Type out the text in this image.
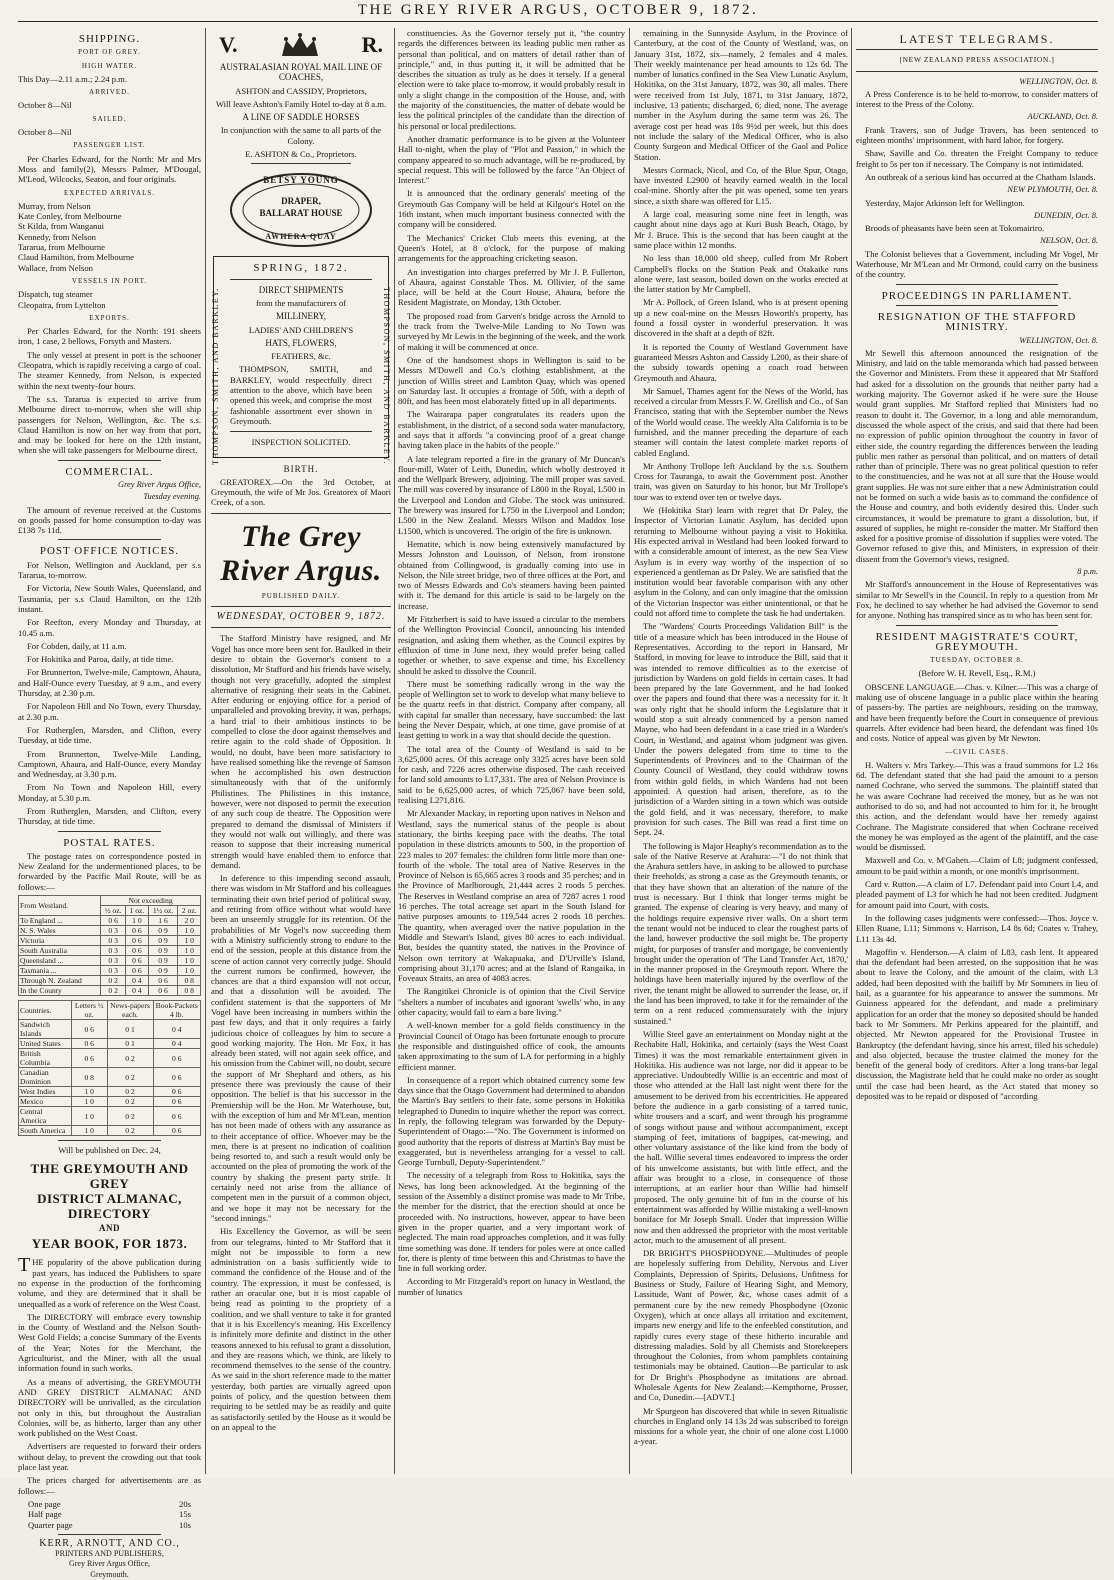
THE GREY RIVER ARGUS, OCTOBER 9, 1872.
SHIPPING.
PORT OF GREY.
HIGH WATER.

This Day—2.11 a.m.; 2.24 p.m.

ARRIVED.

October 8—Nil

SAILED.

October 8—Nil

PASSENGER LIST.

Per Charles Edward, for the North: Mr and Mrs Moss and family(2), Messrs Palmer, M'Dougal, M'Leod, Wilcocks, Seaton, and four originals.

EXPECTED ARRIVALS.
Murray, from Nelson
Kate Conley, from Melbourne
St Kilda, from Wanganui
Kennedy, from Nelson
Tararua, from Melbourne
Claud Hamilton, from Melbourne
Wallace, from Nelson
VESSELS IN PORT.
Dispatch, tug steamer
Cleopatra, from Lyttelton
EXPORTS.

Per Charles Edward, for the North: 191 sheets iron, 1 case, 2 bellows, Forsyth and Masters.

The only vessel at present in port is the schooner Cleopatra, which is rapidly receiving a cargo of coal. The steamer Kennedy, from Nelson, is expected within the next twenty-four hours.

The s.s. Tararua is expected to arrive from Melbourne direct to-morrow, when she will ship passengers for Nelson, Wellington, &c. The s.s. Claud Hamilton is now on her way from that port, and may be looked for here on the 12th instant, when she will take passengers for Melbourne direct.

COMMERCIAL.
Grey River Argus Office,
Tuesday evening.

The amount of revenue received at the Customs on goods passed for home consumption to-day was £138 7s 11d.

POST OFFICE NOTICES.

For Nelson, Wellington and Auckland, per s.s Tararua, to-morrow.

For Victoria, New South Wales, Queensland, and Tasmania, per s.s Claud Hamilton, on the 12th instant.

For Reefton, every Monday and Thursday, at 10.45 a.m.

For Cobden, daily, at 11 a.m.

For Hokitika and Paroa, daily, at tide time.

For Brunnerton, Twelve-mile, Camptown, Ahaura, and Half-Ounce every Tuesday, at 9 a.m., and every Thursday, at 2.30 p.m.

For Napoleon Hill and No Town, every Thursday, at 2.30 p.m.

For Rutherglen, Marsden, and Clifton, every Tuesday, at tide time.

From Brunnerton, Twelve-Mile Landing, Camptown, Ahaura, and Half-Ounce, every Monday and Wednesday, at 3.30 p.m.

From No Town and Napoleon Hill, every Monday, at 5.30 p.m.

From Rutherglen, Marsden, and Clifton, every Thursday, at tide time.

POSTAL RATES.

The postage rates on correspondence posted in New Zealand for the undermentioned places, to be forwarded by the Pacific Mail Route, will be as follows:—

From Westland.	Not exceeding			
	½ oz.	1 oz.	1½ oz.	2 oz.
To England ...	0 6	1 0	1 6	2 0
N. S. Wales	0 3	0 6	0 9	1 0
Victoria	0 3	0 6	0 9	1 0
South Australia	0 3	0 6	0 9	1 0
Queensland ...	0 3	0 6	0 9	1 0
Tasmania ...	0 3	0 6	0 9	1 0
Through N. Zealand	0 2	0 4	0 6	0 8
In the County	0 2	0 4	0 6	0 8
Countries.	Letters ½ oz.	News-papers each.	Book-Packets 4 lb.
Sandwich Islands	0 6	0 1	0 4
United States	0 6	0 1	0 4
British Columbia	0 6	0 2	0 6
Canadian Dominion	0 8	0 2	0 6
West Indies	1 0	0 2	0 6
Mexico	1 0	0 2	0 6
Central America	1 0	0 2	0 6
South America	1 0	0 2	0 6

Will be published on Dec. 24,

THE GREYMOUTH AND GREY
DISTRICT ALMANAC, DIRECTORY
AND
YEAR BOOK, FOR 1873.

THE popularity of the above publication during past years, has induced the Publishers to spare no expense in the production of the forthcoming volume, and they are determined that it shall be unequalled as a work of reference on the West Coast.

The DIRECTORY will embrace every township in the County of Westland and the Nelson South-West Gold Fields; a concise Summary of the Events of the Year; Notes for the Merchant, the Agriculturist, and the Miner, with all the usual information found in such works.

As a means of advertising, the GREYMOUTH AND GREY DISTRICT ALMANAC AND DIRECTORY will be unrivalled, as the circulation not only in this, but throughout the Australian Colonies, will be, as hitherto, larger than any other work published on the West Coast.

Advertisers are requested to forward their orders without delay, to prevent the crowding out that took place last year.

The prices charged for advertisements are as follows:—

One page	20s
Half page	15s
Quarter page	10s
KERR, ARNOTT, AND CO.,
PRINTERS AND PUBLISHERS,
Grey River Argus Office,
Greymouth.
V.	R.

AUSTRALASIAN ROYAL MAIL LINE OF COACHES,

ASHTON and CASSIDY, Proprietors,

Will leave Ashton's Family Hotel to-day at 8 a.m.

A LINE OF SADDLE HORSES

In conjunction with the same to all parts of the Colony.

E. ASHTON & Co., Proprietors.

BETSY YOUNG
DRAPER,
BALLARAT HOUSE
AWHERA QUAY
THOMPSON, SMITH, AND BARKLEY.	THOMPSON, SMITH, AND BARKLEY.
SPRING, 1872.

DIRECT SHIPMENTS

from the manufacturers of

MILLINERY,

LADIES' AND CHILDREN'S

HATS, FLOWERS,

FEATHERS, &c.

THOMPSON, SMITH, and BARKLEY, would respectfully direct attention to the above, which have been opened this week, and comprise the most fashionable assortment ever shown in Greymouth.

INSPECTION SOLICITED.

BIRTH.

GREATOREX.—On the 3rd October, at Greymouth, the wife of Mr Jos. Greatorex of Maori Creek, of a son.

The Grey River Argus.
PUBLISHED DAILY.
WEDNESDAY, OCTOBER 9, 1872.

The Stafford Ministry have resigned, and Mr Vogel has once more been sent for. Baulked in their desire to obtain the Governor's consent to a dissolution, Mr Stafford and his friends have wisely, though not very gracefully, adopted the simplest alternative of resigning their seats in the Cabinet. After enduring or enjoying office for a period of unparalleled and provoking brevity, it was, perhaps, a hard trial to their ambitious instincts to be compelled to close the door against themselves and retire again to the cold shade of Opposition. It would, no doubt, have been more satisfactory to have realised something like the revenge of Samson when he accomplished his own destruction simultaneously with that of the uniformly Philistines. The Philistines in this instance, however, were not disposed to permit the execution of any such coup de theatre. The Opposition were prepared to demand the dismissal of Ministers if they would not walk out willingly, and there was reason to suppose that their increasing numerical strength would have enabled them to enforce that demand.

In deference to this impending second assault, there was wisdom in Mr Stafford and his colleagues terminating their own brief period of political sway, and retiring from office without what would have been an unseemly struggle for its retention. Of the probabilities of Mr Vogel's now succeeding them with a Ministry sufficiently strong to endure to the end of the session, people at this distance from the scene of action cannot very correctly judge. Should the current rumors be confirmed, however, the chances are that a third expansion will not occur, and that a dissolution will be avoided. The confident statement is that the supporters of Mr Vogel have been increasing in numbers within the past few days, and that it only requires a fairly judicious choice of colleagues by him to secure a good working majority. The Hon. Mr Fox, it has already been stated, will not again seek office, and his omission from the Cabinet will, no doubt, secure the support of Mr Shephard and others, as his presence there was previously the cause of their opposition. The belief is that his successor in the Premiership will be the Hon. Mr Waterhouse, but, with the exception of him and Mr M'Lean, mention has not been made of others with any assurance as to their acceptance of office. Whoever may be the men, there is at present no indication of coalition being resorted to, and such a result would only be accounted on the plea of promoting the work of the country by shaking the present party strife. It certainly need not arise from the alliance of competent men in the pursuit of a common object, and we hope it may not be necessary for the "second innings."

His Excellency the Governor, as will be seen from our telegrams, hinted to Mr Stafford that it might not be impossible to form a new administration on a basis sufficiently wide to command the confidence of the House and of the country. The expression, it must be confessed, is rather an oracular one, but it is most capable of being read as pointing to the propriety of a coalition, and we shall venture to take it for granted that it is his Excellency's meaning. His Excellency is infinitely more definite and distinct in the other reasons annexed to his refusal to grant a dissolution, and they are reasons which, we think, are likely to recommend themselves to the sense of the country. As we said in the short reference made to the matter yesterday, both parties are virtually agreed upon points of policy, and the question between them requiring to be settled may be as readily and quite as satisfactorily settled by the House as it would be on an appeal to the

constituencies. As the Governor tersely put it, "the country regards the differences between its leading public men rather as personal than political, and on matters of detail rather than of principle," and, in thus putting it, it will be admitted that he describes the situation as truly as he does it tersely. If a general election were to take place to-morrow, it would probably result in only a slight change in the composition of the House, and, with the majority of the constituencies, the matter of debate would be less the political principles of the candidate than the direction of his personal or local predilections.

Another dramatic performance is to be given at the Volunteer Hall to-night, when the play of "Plot and Passion," in which the company appeared to so much advantage, will be re-produced, by special request. This will be followed by the farce "An Object of Interest."

It is announced that the ordinary generals' meeting of the Greymouth Gas Company will be held at Kilgour's Hotel on the 16th instant, when much important business connected with the company will be considered.

The Mechanics' Cricket Club meets this evening, at the Queen's Hotel, at 8 o'clock, for the purpose of making arrangements for the approaching cricketing season.

An investigation into charges preferred by Mr J. P. Fullerton, of Ahaura, against Constable Thos. M. Ollivier, of the same place, will be held at the Court House, Ahaura, before the Resident Magistrate, on Monday, 13th October.

The proposed road from Garven's bridge across the Arnold to the track from the Twelve-Mile Landing to No Town was surveyed by Mr Lewis in the beginning of the week, and the work of making it will be commenced at once.

One of the handsomest shops in Wellington is said to be Messrs M'Dowell and Co.'s clothing establishment, at the junction of Willis street and Lambton Quay, which was opened on Saturday last. It occupies a frontage of 50ft, with a depth of 80ft, and has been most elaborately fitted up in all departments.

The Wairarapa paper congratulates its readers upon the establishment, in the district, of a second soda water manufactory, and says that it affords "a convincing proof of a great change having taken place in the habits of the people."

A late telegram reported a fire in the granary of Mr Duncan's flour-mill, Water of Leith, Dunedin, which wholly destroyed it and the Wellpark Brewery, adjoining. The mill proper was saved. The mill was covered by insurance of L800 in the Royal, L500 in the Liverpool and London and Globe. The stock was uninsured. The brewery was insured for L750 in the Liverpool and London; L500 in the New Zealand. Messrs Wilson and Maddox lose L1500, which is uncovered. The origin of the fire is unknown.

Hematite, which is now being extensively manufactured by Messrs Johnston and Louisson, of Nelson, from ironstone obtained from Collingwood, is gradually coming into use in Nelson, the Nile street bridge, two of three offices at the Port, and two of Messrs Edwards and Co's steamers having been painted with it. The demand for this article is said to be largely on the increase.

Mr Fitzherbert is said to have issued a circular to the members of the Wellington Provincial Council, announcing his intended resignation, and asking them whether, as the Council expires by effluxion of time in June next, they would prefer being called together or whether, to save expense and time, his Excellency should be asked to dissolve the Council.

There must be something radically wrong in the way the people of Wellington set to work to develop what many believe to be the quartz reefs in that district. Company after company, all with capital far smaller than necessary, have succumbed: the last being the Never Despair, which, at one time, gave promise of at least getting to work in a way that should decide the question.

The total area of the County of Westland is said to be 3,625,000 acres. Of this acreage only 3325 acres have been sold for cash, and 7226 acres otherwise disposed. The cash received for land sold amounts to L17,331. The area of Nelson Province is said to be 6,625,000 acres, of which 725,067 have been sold, realising L271,816.

Mr Alexander Mackay, in reporting upon natives in Nelson and Westland, says the numerical status of the people is about stationary, the births keeping pace with the deaths. The total population in these districts amounts to 500, in the proportion of 223 males to 207 females: the children form little more than one-fourth of the whole. The total area of Native Reserves in the Province of Nelson is 65,665 acres 3 roods and 35 perches; and in the Province of Marlborough, 21,444 acres 2 roods 5 perches. The Reserves in Westland comprise an area of 7287 acres 1 rood 16 perches. The total acreage set apart in the South Island for native purposes amounts to 119,544 acres 2 roods 18 perches. The quantity, when averaged over the native population in the Middle and Stewart's Island, gives 80 acres to each individual. But, besides the quantity stated, the natives in the Province of Nelson own territory at Wakapuaka, and D'Urville's Island, comprising about 31,170 acres; and at the Island of Rangaika, in Foveaux Straits, an area of 4083 acres.

The Rangitikei Chronicle is of opinion that the Civil Service "shelters a number of incubates and ignorant 'swells' who, in any other capacity, would fail to earn a bare living."

A well-known member for a gold fields constituency in the Provincial Council of Otago has been fortunate enough to procure the responsible and distinguished office of cook, the amounts taken approximating to the sum of LA for performing in a highly efficient manner.

In consequence of a report which obtained currency some few days since that the Otago Government had determined to abandon the Martin's Bay settlers to their fate, some persons in Hokitika telegraphed to Dunedin to inquire whether the report was correct. In reply, the following telegram was forwarded by the Deputy-Superintendent of Otago:—"No. The Government is informed on good authority that the reports of distress at Martin's Bay must be exaggerated, but is nevertheless arranging for a vessel to call. George Turnbull, Deputy-Superintendent."

The necessity of a telegraph from Ross to Hokitika, says the News, has long been acknowledged. At the beginning of the session of the Assembly a distinct promise was made to Mr Tribe, the member for the district, that the erection should at once be proceeded with. No instructions, however, appear to have been given in the proper quarter, and a very important work of neglected. The main road approaches completion, and it was fully time something was done. If tenders for poles were at once called for, there is plenty of time between this and Christmas to have the line in full working order.

According to Mr Fitzgerald's report on lunacy in Westland, the number of lunatics

remaining in the Sunnyside Asylum, in the Province of Canterbury, at the cost of the County of Westland, was, on January 31st, 1872, six—namely, 2 females and 4 males. Their weekly maintenance per head amounts to 12s 6d. The number of lunatics confined in the Sea View Lunatic Asylum, Hokitika, on the 31st January, 1872, was 30, all males. There were received from 1st July, 1871, to 31st January, 1872, inclusive, 13 patients; discharged, 6; died, none. The average number in the Asylum during the same term was 26. The average cost per head was 18s 9½d per week, but this does not include the salary of the Medical Officer, who is also County Surgeon and Medical Officer of the Gaol and Police Station.

Messrs Cormack, Nicol, and Co, of the Blue Spur, Otago, have invested L2900 of heavily earned wealth in the local coal-mine. Shortly after the pit was opened, some ten years since, a sixth share was offered for L15.

A large coal, measuring some nine feet in length, was caught about nine days ago at Kuri Bush Beach, Otago, by Mr J. Bruce. This is the second that has been caught at the same place within 12 months.

No less than 18,000 old sheep, culled from Mr Robert Campbell's flocks on the Station Peak and Otakaike runs alone were, last season, boiled down on the works erected at the latter station by Mr Campbell.

Mr A. Pollock, of Green Island, who is at present opening up a new coal-mine on the Messrs Howorth's property, has found a fossil oyster in wonderful preservation. It was discovered in the shaft at a depth of 82ft.

It is reported the County of Westland Government have guaranteed Messrs Ashton and Cassidy L200, as their share of the subsidy towards opening a coach road between Greymouth and Ahaura.

Mr Samuel, Thames agent for the News of the World, has received a circular from Messrs F. W. Grellish and Co., of San Francisco, stating that with the September number the News of the World would cease. The weekly Alta California is to be furnished, and the manner preceding the departure of each steamer will contain the latest complete market reports of cabled England.

Mr Anthony Trollope left Auckland by the s.s. Southern Cross for Tauranga, to await the Government post. Another train, was given on Saturday to his honor, but Mr Trollope's tour was to extend over ten or twelve days.

We (Hokitika Star) learn with regret that Dr Paley, the Inspector of Victorian Lunatic Asylum, has decided upon returning to Melbourne without paying a visit to Hokitika. His expected arrival in Westland had been looked forward to with a considerable amount of interest, as the new Sea View Asylum is in every way worthy of the inspection of so experienced a gentleman as Dr Paley. We are satisfied that the institution would bear favorable comparison with any other asylum in the Colony, and can only imagine that the omission of the Victorian Inspector was either unintentional, or that he could not afford time to complete the task he had undertaken.

The "Wardens' Courts Proceedings Validation Bill" is the title of a measure which has been introduced in the House of Representatives. According to the report in Hansard, Mr Stafford, in moving for leave to introduce the Bill, said that it was intended to remove difficulties as to the exercise of jurisdiction by Wardens on gold fields in certain cases. It had been prepared by the late Government, and he had looked over the papers and found that there was a necessity for it. It was only right that he should inform the Legislature that it would stop a suit already commenced by a person named Mayne, who had been defendant in a case tried in a Warden's Court, in Westland, and against whom judgment was given. Under the powers delegated from time to time to the Superintendents of Provinces and to the Chairman of the County Council of Westland, they could withdraw towns from within gold fields, in which Wardens had not been appointed. A question had arisen, therefore, as to the jurisdiction of a Warden sitting in a town which was outside the gold field, and it was necessary, therefore, to make provision for such cases. The Bill was read a first time on Sept. 24.

The following is Major Heaphy's recommendation as to the sale of the Native Reserve at Arahura:—"I do not think that the Arahura settlers have, in asking to be allowed to purchase their freeholds, as strong a case as the Greymouth tenants, or that they have shown that an alteration of the nature of the trust is necessary. But I think that longer terms might be granted. The expense of clearing is very heavy, and many of the holdings require expensive river walls. On a short term the tenant would not be induced to clear the roughest parts of the land, however productive the soil might be. The property might, for purposes of transfer and mortgage, be conveniently brought under the operation of 'The Land Transfer Act, 1870,' in the manner proposed in the Greymouth report. Where the holdings have been materially injured by the overflow of the river, the tenant might be allowed to surrender the lease, or, if the land has been improved, to take it for the remainder of the term on a rent reduced commensurately with the injury sustained."

Willie Steel gave an entertainment on Monday night at the Rechabite Hall, Hokitika, and certainly (says the West Coast Times) it was the most remarkable entertainment given in Hokitika. His audience was not large, nor did it appear to be appreciative. Undoubtedly Willie is an eccentric and most of those who attended at the Hall last night went there for the amusement to be derived from his eccentricities. He appeared before the audience in a garb consisting of a tarred tunic, white trousers and a scarf, and went through his programme of songs without pause and without accompaniment, except stamping of feet, imitations of bagpipes, cat-mewing, and other voluntary assistance of the like kind from the body of the hall. Willie several times endeavored to impress the order of his unwelcome assistants, but with little effect, and the affair was brought to a close, in consequence of those interruptions, at an earlier hour than Willie had himself proposed. The only genuine bit of fun in the course of his entertainment was afforded by Willie mistaking a well-known boniface for Mr Joseph Small. Under that impression Willie now and then addressed the proprietor with the most veritable actor, much to the amusement of all present.

DR BRIGHT'S PHOSPHODYNE.—Multitudes of people are hopelessly suffering from Debility, Nervous and Liver Complaints, Depression of Spirits, Delusions, Unfitness for Business or Study, Failure of Hearing Sight, and Memory, Lassitude, Want of Power, &c, whose cases admit of a permanent cure by the new remedy Phosphodyne (Ozonic Oxygen), which at once allays all irritation and excitement, imparts new energy and life to the enfeebled constitution, and rapidly cures every stage of these hitherto incurable and distressing maladies. Sold by all Chemists and Storekeepers throughout the Colonies, from whom pamphlets containing testimonials may be obtained. Caution—Be particular to ask for Dr Bright's Phosphodyne as imitations are abroad. Wholesale Agents for New Zealand:—Kempthorne, Prosser, and Co, Dunedin.—[ADVT.]

Mr Spurgeon has discovered that while in seven Ritualistic churches in England only 14 13s 2d was subscribed to foreign missions for a whole year, the choir of one alone cost L1000 a-year.

LATEST TELEGRAMS.
[NEW ZEALAND PRESS ASSOCIATION.]
WELLINGTON, Oct. 8.

A Press Conference is to be held to-morrow, to consider matters of interest to the Press of the Colony.

AUCKLAND, Oct. 8.

Frank Travers, son of Judge Travers, has been sentenced to eighteen months' imprisonment, with hard labor, for forgery.

Shaw, Saville and Co. threaten the Freight Company to reduce freight to 5s per ton if necessary. The Company is not intimidated.

An outbreak of a serious kind has occurred at the Chatham Islands.

NEW PLYMOUTH, Oct. 8.

Yesterday, Major Atkinson left for Wellington.

DUNEDIN, Oct. 8.

Broods of pheasants have been seen at Tokomairiro.

NELSON, Oct. 8.

The Colonist believes that a Government, including Mr Vogel, Mr Waterhouse, Mr M'Lean and Mr Ormond, could carry on the business of the country.

PROCEEDINGS IN PARLIAMENT.
RESIGNATION OF THE STAFFORD MINISTRY.
WELLINGTON, Oct. 8.

Mr Sewell this afternoon announced the resignation of the Ministry, and laid on the table memoranda which had passed between the Governor and Ministers. From these it appeared that Mr Stafford had asked for a dissolution on the grounds that neither party had a working majority. The Governor asked if he were sure the House would grant supplies. Mr Stafford replied that Ministers had no reason to doubt it. The Governor, in a long and able memorandum, discussed the whole aspect of the crisis, and said that there had been no expression of public opinion throughout the country in favor of either side, the country regarding the differences between the leading public men rather as personal than political, and on matters of detail rather than of principle. There was no great political question to refer to the constituencies, and he was not at all sure that the House would grant supplies. He was not sure either that a new Administration could not be formed on such a wide basis as to command the confidence of the House and country, and both evidently desired this. Under such circumstances, it would be premature to grant a dissolution, but, if assured of supplies, he might re-consider the matter. Mr Stafford then asked for a positive promise of dissolution if supplies were voted. The Governor refused to give this, and Ministers, in expression of their dissent from the Governor's views, resigned.

8 p.m.

Mr Stafford's announcement in the House of Representatives was similar to Mr Sewell's in the Council. In reply to a question from Mr Fox, he declined to say whether he had advised the Governor to send for anyone. Nothing has transpired since as to who has been sent for.

RESIDENT MAGISTRATE'S COURT, GREYMOUTH.
TUESDAY, OCTOBER 8.

(Before W. H. Revell, Esq., R.M.)

OBSCENE LANGUAGE.—Chas. v. Kilner.—This was a charge of making use of obscene language in a public place within the hearing of passers-by. The parties are neighbours, residing on the tramway, and have been frequently before the Court in consequence of previous quarrels. After evidence had been heard, the defendant was fined 10s and costs. Notice of appeal was given by Mr Newton.

—CIVIL CASES.

H. Walters v. Mrs Tarkey.—This was a fraud summons for L2 16s 6d. The defendant stated that she had paid the amount to a person named Cochrane, who served the summons. The plaintiff stated that he was aware Cochrane had received the money, but as he was not authorised to do so, and had not accounted to him for it, he brought this action, and the defendant would have her remedy against Cochrane. The Magistrate considered that when Cochrane received the money he was employed as the agent of the plaintiff, and the case would be dismissed.

Maxwell and Co. v. M'Gahen.—Claim of L8; judgment confessed, amount to be paid within a month, or one month's imprisonment.

Card v. Rutton.—A claim of L7. Defendant paid into Court L4, and pleaded payment of L3 for which he had not been credited. Judgment for amount paid into Court, with costs.

In the following cases judgments were confessed:—Thos. Joyce v. Ellen Ruane, L11; Simmons v. Harrison, L4 8s 6d; Coates v. Trahey, L11 13s 4d.

Magoffin v. Henderson.—A claim of L83, cash lent. It appeared that the defendant had been arrested, on the supposition that he was about to leave the Colony, and the amount of the claim, with L3 added, had been deposited with the bailiff by Mr Sommers in lieu of bail, as a guarantee for his appearance to answer the summons. Mr Guinness appeared for the defendant, and made a preliminary application for an order that the money so deposited should be handed back to Mr Sommers. Mr Perkins appeared for the plaintiff, and objected. Mr Newton appeared for the Provisional Trustee in Bankruptcy (the defendant having, since his arrest, filed his schedule) and also objected, because the trustee claimed the money for the benefit of the general body of creditors. After a long trans-bar legal discussion, the Magistrate held that he could make no order as sought until the case had been heard, as the Act stated that money so deposited was to be repaid or disposed of "according
